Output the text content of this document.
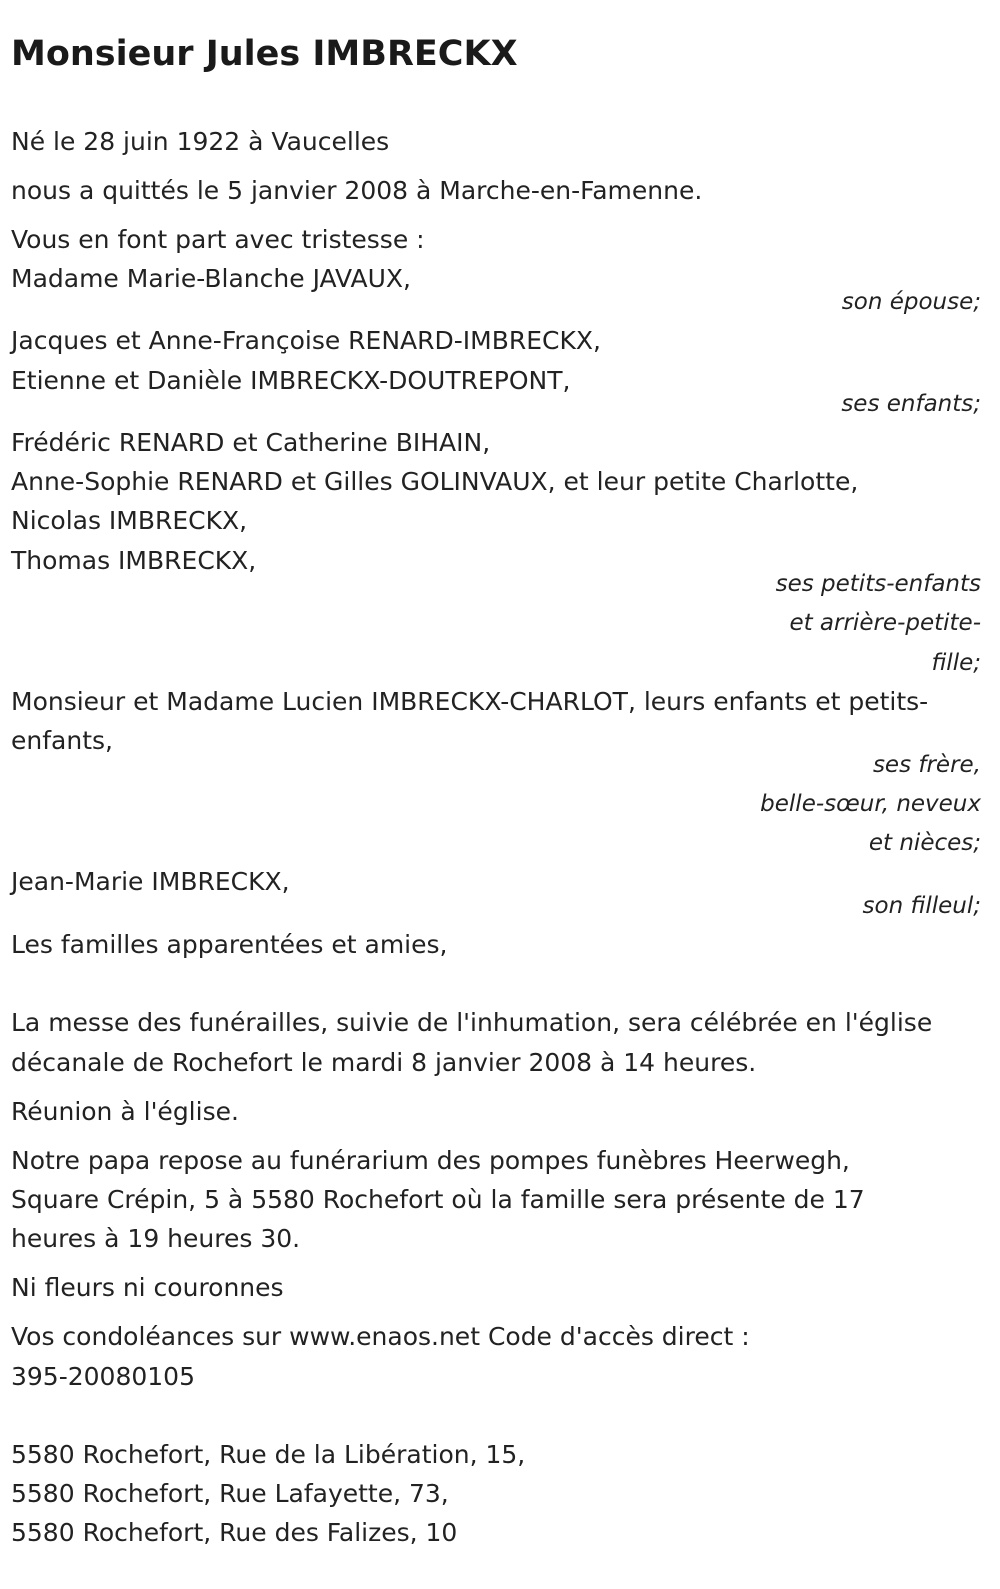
Monsieur Jules IMBRECKX
Né le 28 juin 1922 à Vaucelles
nous a quittés le 5 janvier 2008 à Marche-en-Famenne.
Vous en font part avec tristesse :
Madame Marie-Blanche JAVAUX,
son épouse;
Jacques et Anne-Françoise RENARD-IMBRECKX,
Etienne et Danièle IMBRECKX-DOUTREPONT,
ses enfants;
Frédéric RENARD et Catherine BIHAIN,
Anne-Sophie RENARD et Gilles GOLINVAUX, et leur petite Charlotte,
Nicolas IMBRECKX,
Thomas IMBRECKX,
ses petits-enfants
et arrière-petite-
fille;
Monsieur et Madame Lucien IMBRECKX-CHARLOT, leurs enfants et petits-
enfants,
ses frère,
belle-sœur, neveux
et nièces;
Jean-Marie IMBRECKX,
son filleul;
Les familles apparentées et amies,
La messe des funérailles, suivie de l'inhumation, sera célébrée en l'église
décanale de Rochefort le mardi 8 janvier 2008 à 14 heures.
Réunion à l'église.
Notre papa repose au funérarium des pompes funèbres Heerwegh,
Square Crépin, 5 à 5580 Rochefort où la famille sera présente de 17
heures à 19 heures 30.
Ni fleurs ni couronnes
Vos condoléances sur www.enaos.net Code d'accès direct :
395-20080105
5580 Rochefort, Rue de la Libération, 15,
5580 Rochefort, Rue Lafayette, 73,
5580 Rochefort, Rue des Falizes, 10
